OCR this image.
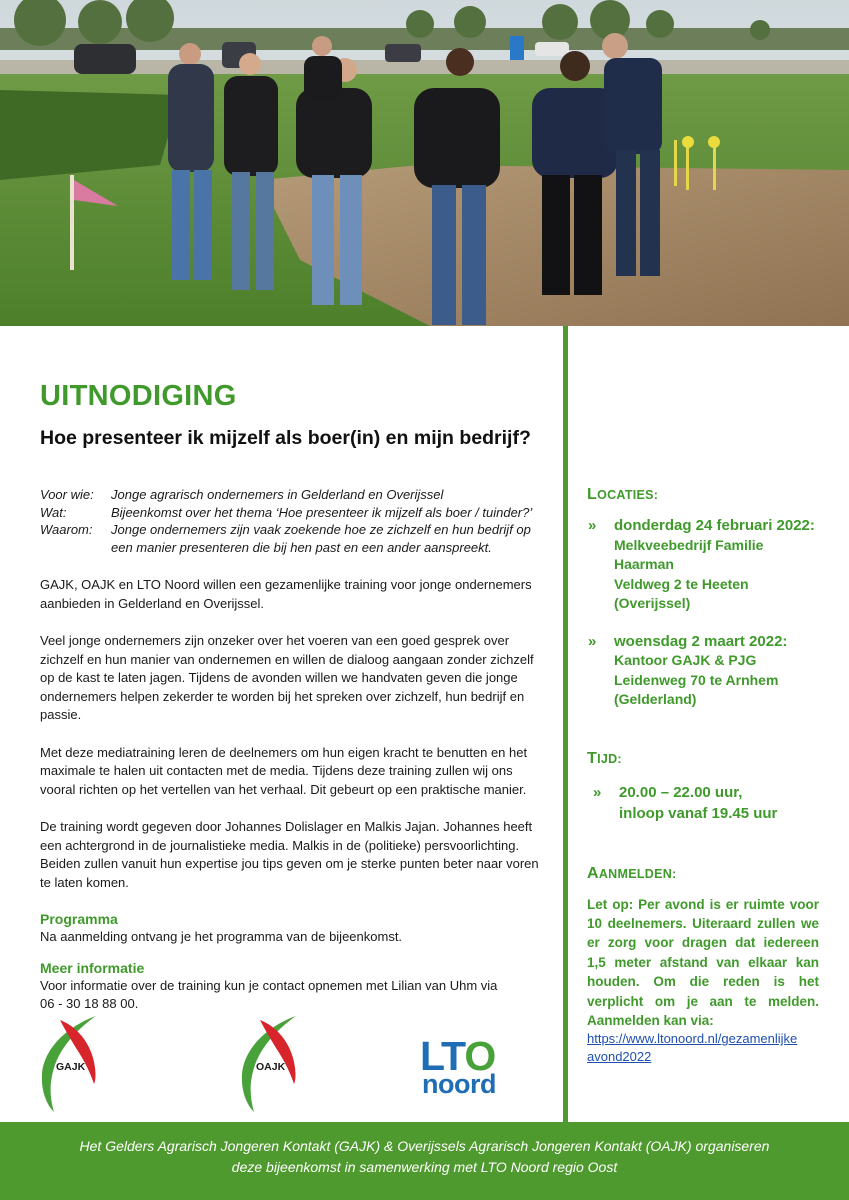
UITNODIGING
Hoe presenteer ik mijzelf als boer(in) en mijn bedrijf?
Voor wie:	Jonge agrarisch ondernemers in Gelderland en Overijssel
Wat:	Bijeenkomst over het thema ‘Hoe presenteer ik mijzelf als boer / tuinder?’
Waarom:	Jonge ondernemers zijn vaak zoekende hoe ze zichzelf en hun bedrijf op een manier presenteren die bij hen past en een ander aanspreekt.
GAJK, OAJK en LTO Noord willen een gezamenlijke training voor jonge ondernemers aanbieden in Gelderland en Overijssel.
Veel jonge ondernemers zijn onzeker over het voeren van een goed gesprek over zichzelf en hun manier van ondernemen en willen de dialoog aangaan zonder zichzelf op de kast te laten jagen. Tijdens de avonden willen we handvaten geven die jonge ondernemers helpen zekerder te worden bij het spreken over zichzelf, hun bedrijf en passie.
Met deze mediatraining leren de deelnemers om hun eigen kracht te benutten en het maximale te halen uit contacten met de media. Tijdens deze training zullen wij ons vooral richten op het vertellen van het verhaal. Dit gebeurt op een praktische manier.
De training wordt gegeven door Johannes Dolislager en Malkis Jajan. Johannes heeft een achtergrond in de journalistieke media. Malkis in de (politieke) persvoorlichting. Beiden zullen vanuit hun expertise jou tips geven om je sterke punten beter naar voren te laten komen.
Programma
Na aanmelding ontvang je het programma van de bijeenkomst.
Meer informatie
Voor informatie over de training kun je contact opnemen met Lilian van Uhm via
06 - 30 18 88 00.
GAJK	OAJK	LTO
noord
LOCATIES:
»	donderdag 24 februari 2022:
Melkveebedrijf Familie Haarman
Veldweg 2 te Heeten (Overijssel)
»	woensdag 2 maart 2022:
Kantoor GAJK & PJG
Leidenweg 70 te Arnhem
(Gelderland)
TIJD:
»	20.00 – 22.00 uur,
inloop vanaf 19.45 uur
AANMELDEN:
Let op: Per avond is er ruimte voor 10 deelnemers. Uiteraard zullen we er zorg voor dragen dat iedereen 1,5 meter afstand van elkaar kan houden. Om die reden is het verplicht om je aan te melden. Aanmelden kan via:
https://www.ltonoord.nl/gezamenlijke
avond2022
Het Gelders Agrarisch Jongeren Kontakt (GAJK) & Overijssels Agrarisch Jongeren Kontakt (OAJK) organiseren
deze bijeenkomst in samenwerking met LTO Noord regio Oost
